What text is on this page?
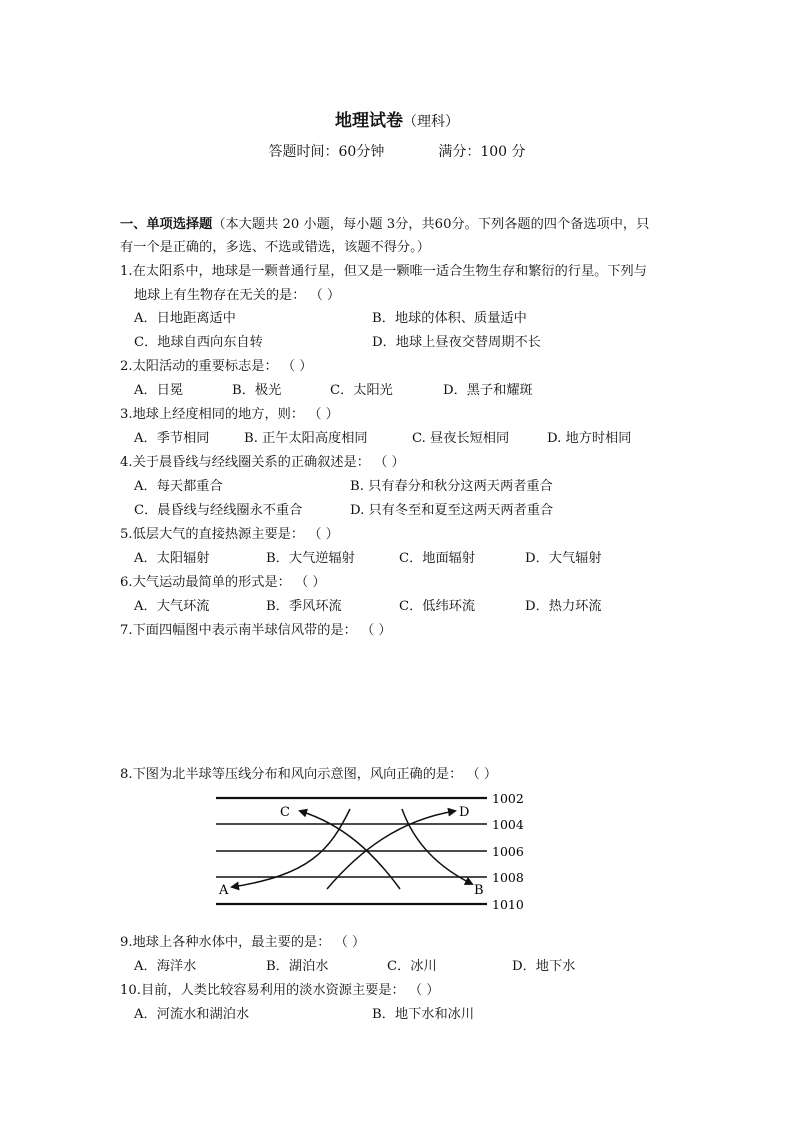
地理试卷（理科）
答题时间：60分钟	满分：100 分
一、单项选择题（本大题共 20 小题，每小题 3分，共60分。下列各题的四个备选项中，只
有一个是正确的，多选、不选或错选，该题不得分。）
1.在太阳系中，地球是一颗普通行星，但又是一颗唯一适合生物生存和繁衍的行星。下列与
地球上有生物存在无关的是： （ ）
A．日地距离适中	B．地球的体积、质量适中
C．地球自西向东自转	D．地球上昼夜交替周期不长
2.太阳活动的重要标志是： （ ）
A．日冕	B．极光	C．太阳光	D．黑子和耀斑
3.地球上经度相同的地方，则： （ ）
A．季节相同	B. 正午太阳高度相同	C. 昼夜长短相同	D. 地方时相同
4.关于晨昏线与经线圈关系的正确叙述是： （ ）
A．每天都重合	B. 只有春分和秋分这两天两者重合
C．晨昏线与经线圈永不重合	D. 只有冬至和夏至这两天两者重合
5.低层大气的直接热源主要是： （ ）
A．太阳辐射	B．大气逆辐射	C．地面辐射	D．大气辐射
6.大气运动最简单的形式是： （ ）
A．大气环流	B．季风环流	C．低纬环流	D．热力环流
7.下面四幅图中表示南半球信风带的是： （ ）
8.下图为北半球等压线分布和风向示意图，风向正确的是： （ ）
C	D
A	B
1002
1004
1006
1008
1010
9.地球上各种水体中，最主要的是： （ ）
A．海洋水	B．湖泊水	C．冰川	D．地下水
10.目前，人类比较容易利用的淡水资源主要是： （ ）
A．河流水和湖泊水	B．地下水和冰川
